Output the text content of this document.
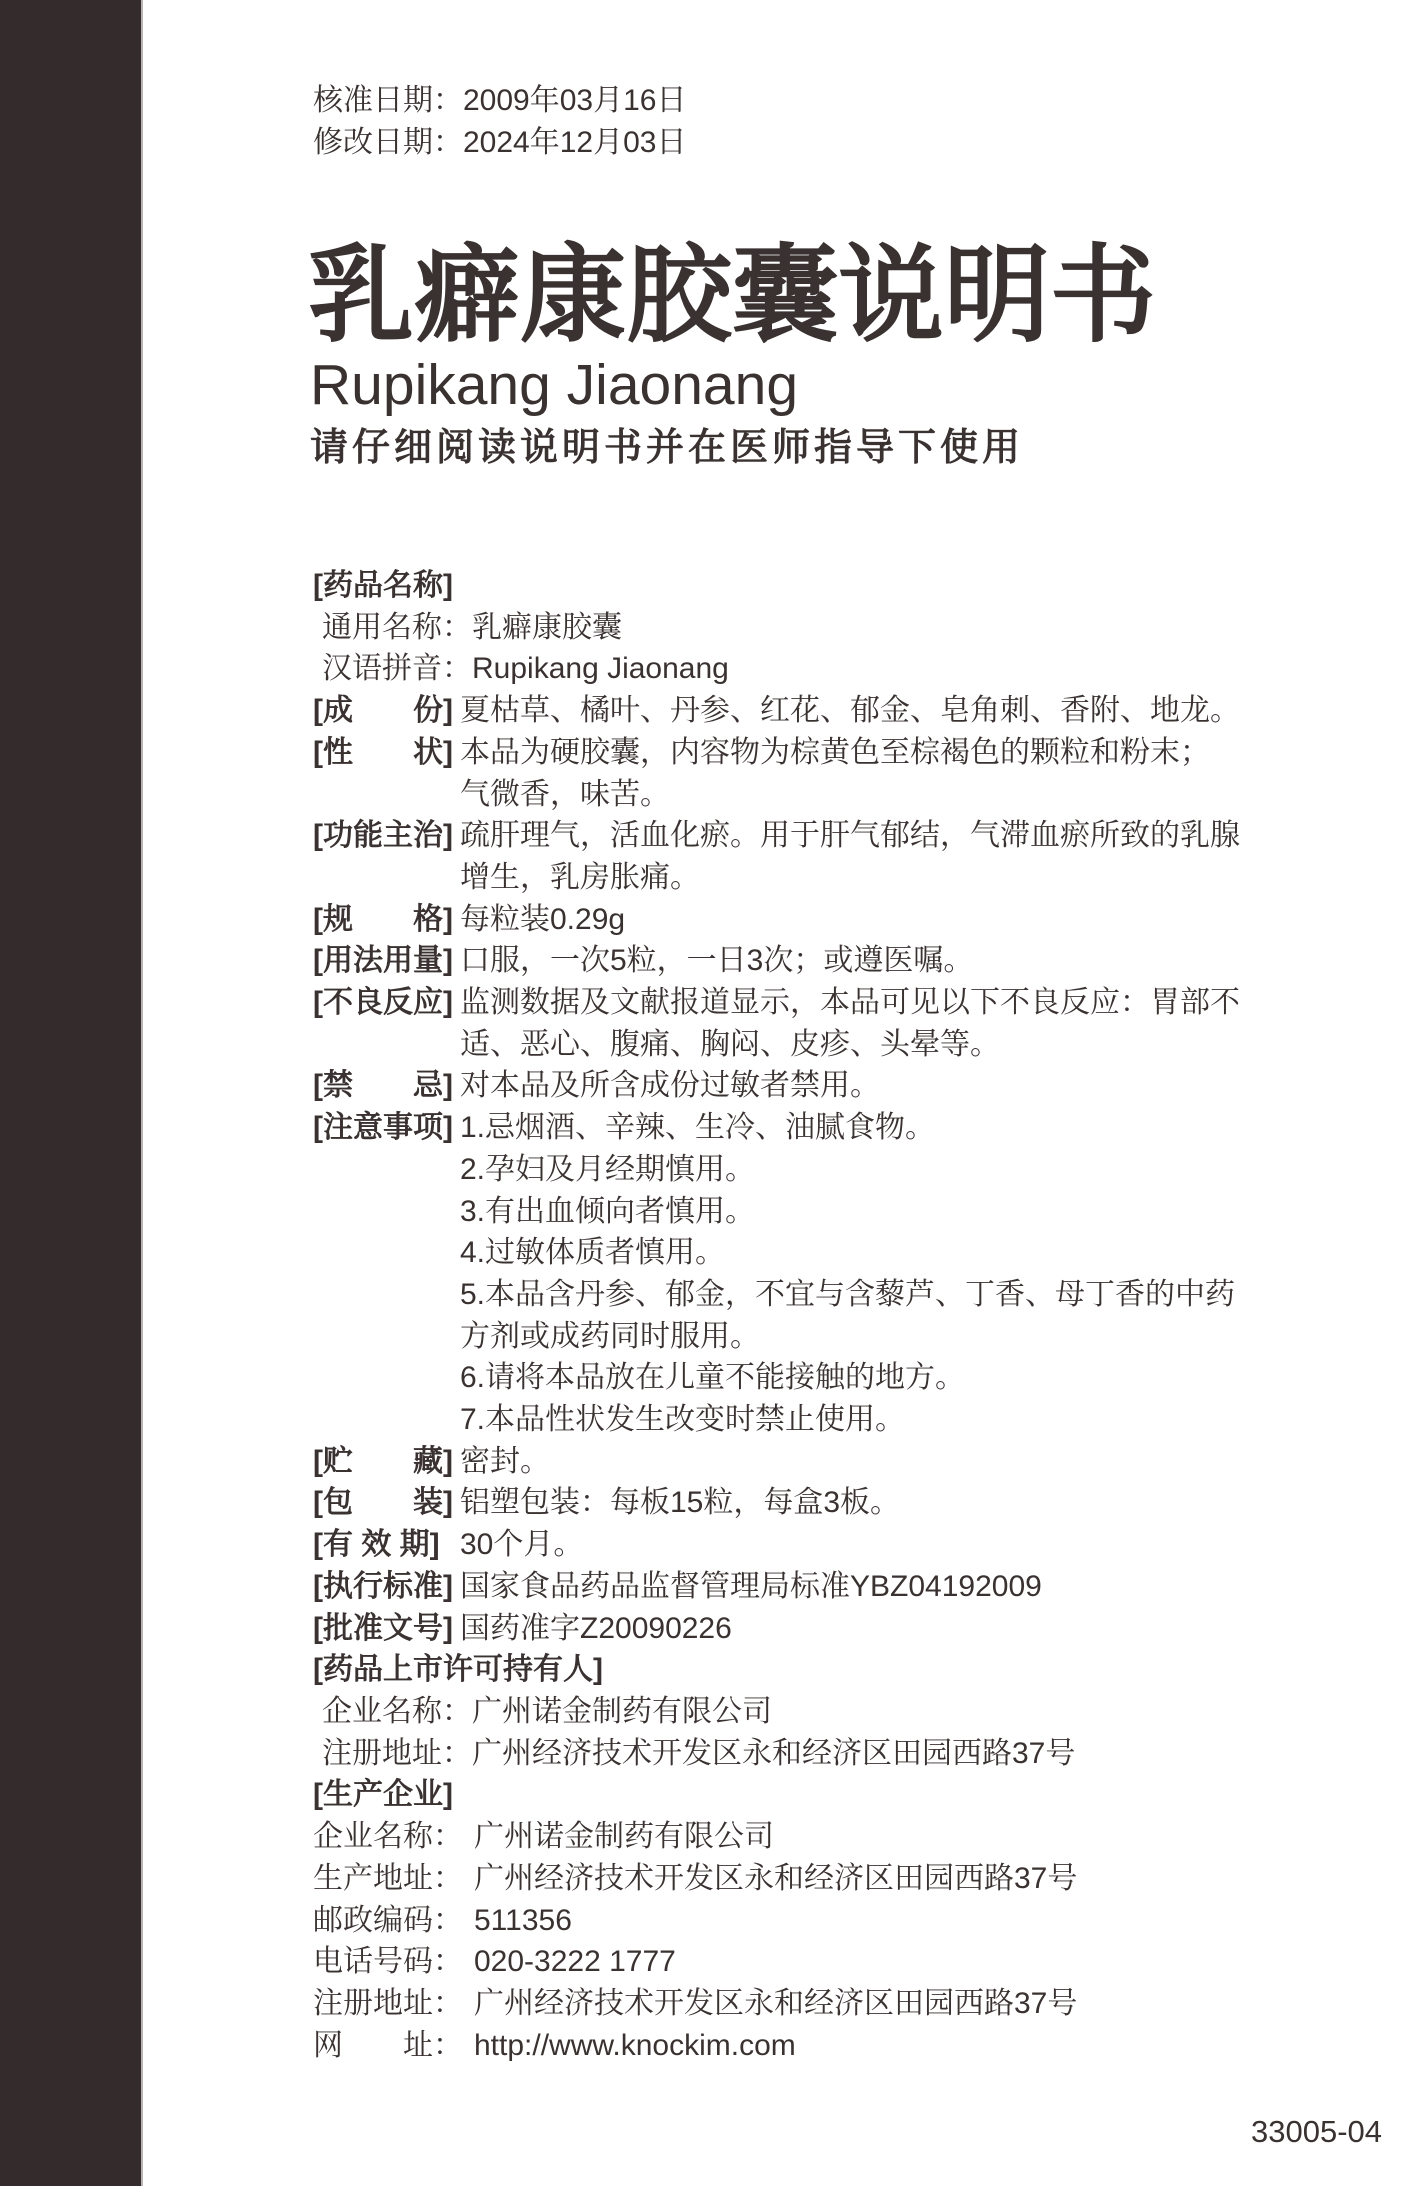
核准日期：2009年03月16日
修改日期：2024年12月03日
乳癖康胶囊说明书
Rupikang Jiaonang
请仔细阅读说明书并在医师指导下使用
[药品名称]
通用名称：乳癖康胶囊
汉语拼音：Rupikang Jiaonang
[成　　份] 夏枯草、橘叶、丹参、红花、郁金、皂角刺、香附、地龙。
[性　　状] 本品为硬胶囊，内容物为棕黄色至棕褐色的颗粒和粉末；
气微香，味苦。
[功能主治] 疏肝理气，活血化瘀。用于肝气郁结，气滞血瘀所致的乳腺
增生，乳房胀痛。
[规　　格] 每粒装0.29g
[用法用量] 口服，一次5粒，一日3次；或遵医嘱。
[不良反应] 监测数据及文献报道显示，本品可见以下不良反应：胃部不
适、恶心、腹痛、胸闷、皮疹、头晕等。
[禁　　忌] 对本品及所含成份过敏者禁用。
[注意事项] 1.忌烟酒、辛辣、生冷、油腻食物。
2.孕妇及月经期慎用。
3.有出血倾向者慎用。
4.过敏体质者慎用。
5.本品含丹参、郁金，不宜与含藜芦、丁香、母丁香的中药
方剂或成药同时服用。
6.请将本品放在儿童不能接触的地方。
7.本品性状发生改变时禁止使用。
[贮　　藏] 密封。
[包　　装] 铝塑包装：每板15粒，每盒3板。
[有 效 期] 30个月。
[执行标准] 国家食品药品监督管理局标准YBZ04192009
[批准文号] 国药准字Z20090226
[药品上市许可持有人]
企业名称：广州诺金制药有限公司
注册地址：广州经济技术开发区永和经济区田园西路37号
[生产企业]
企业名称： 广州诺金制药有限公司
生产地址： 广州经济技术开发区永和经济区田园西路37号
邮政编码： 511356
电话号码： 020-3222 1777
注册地址： 广州经济技术开发区永和经济区田园西路37号
网　　址： http://www.knockim.com
33005-04
